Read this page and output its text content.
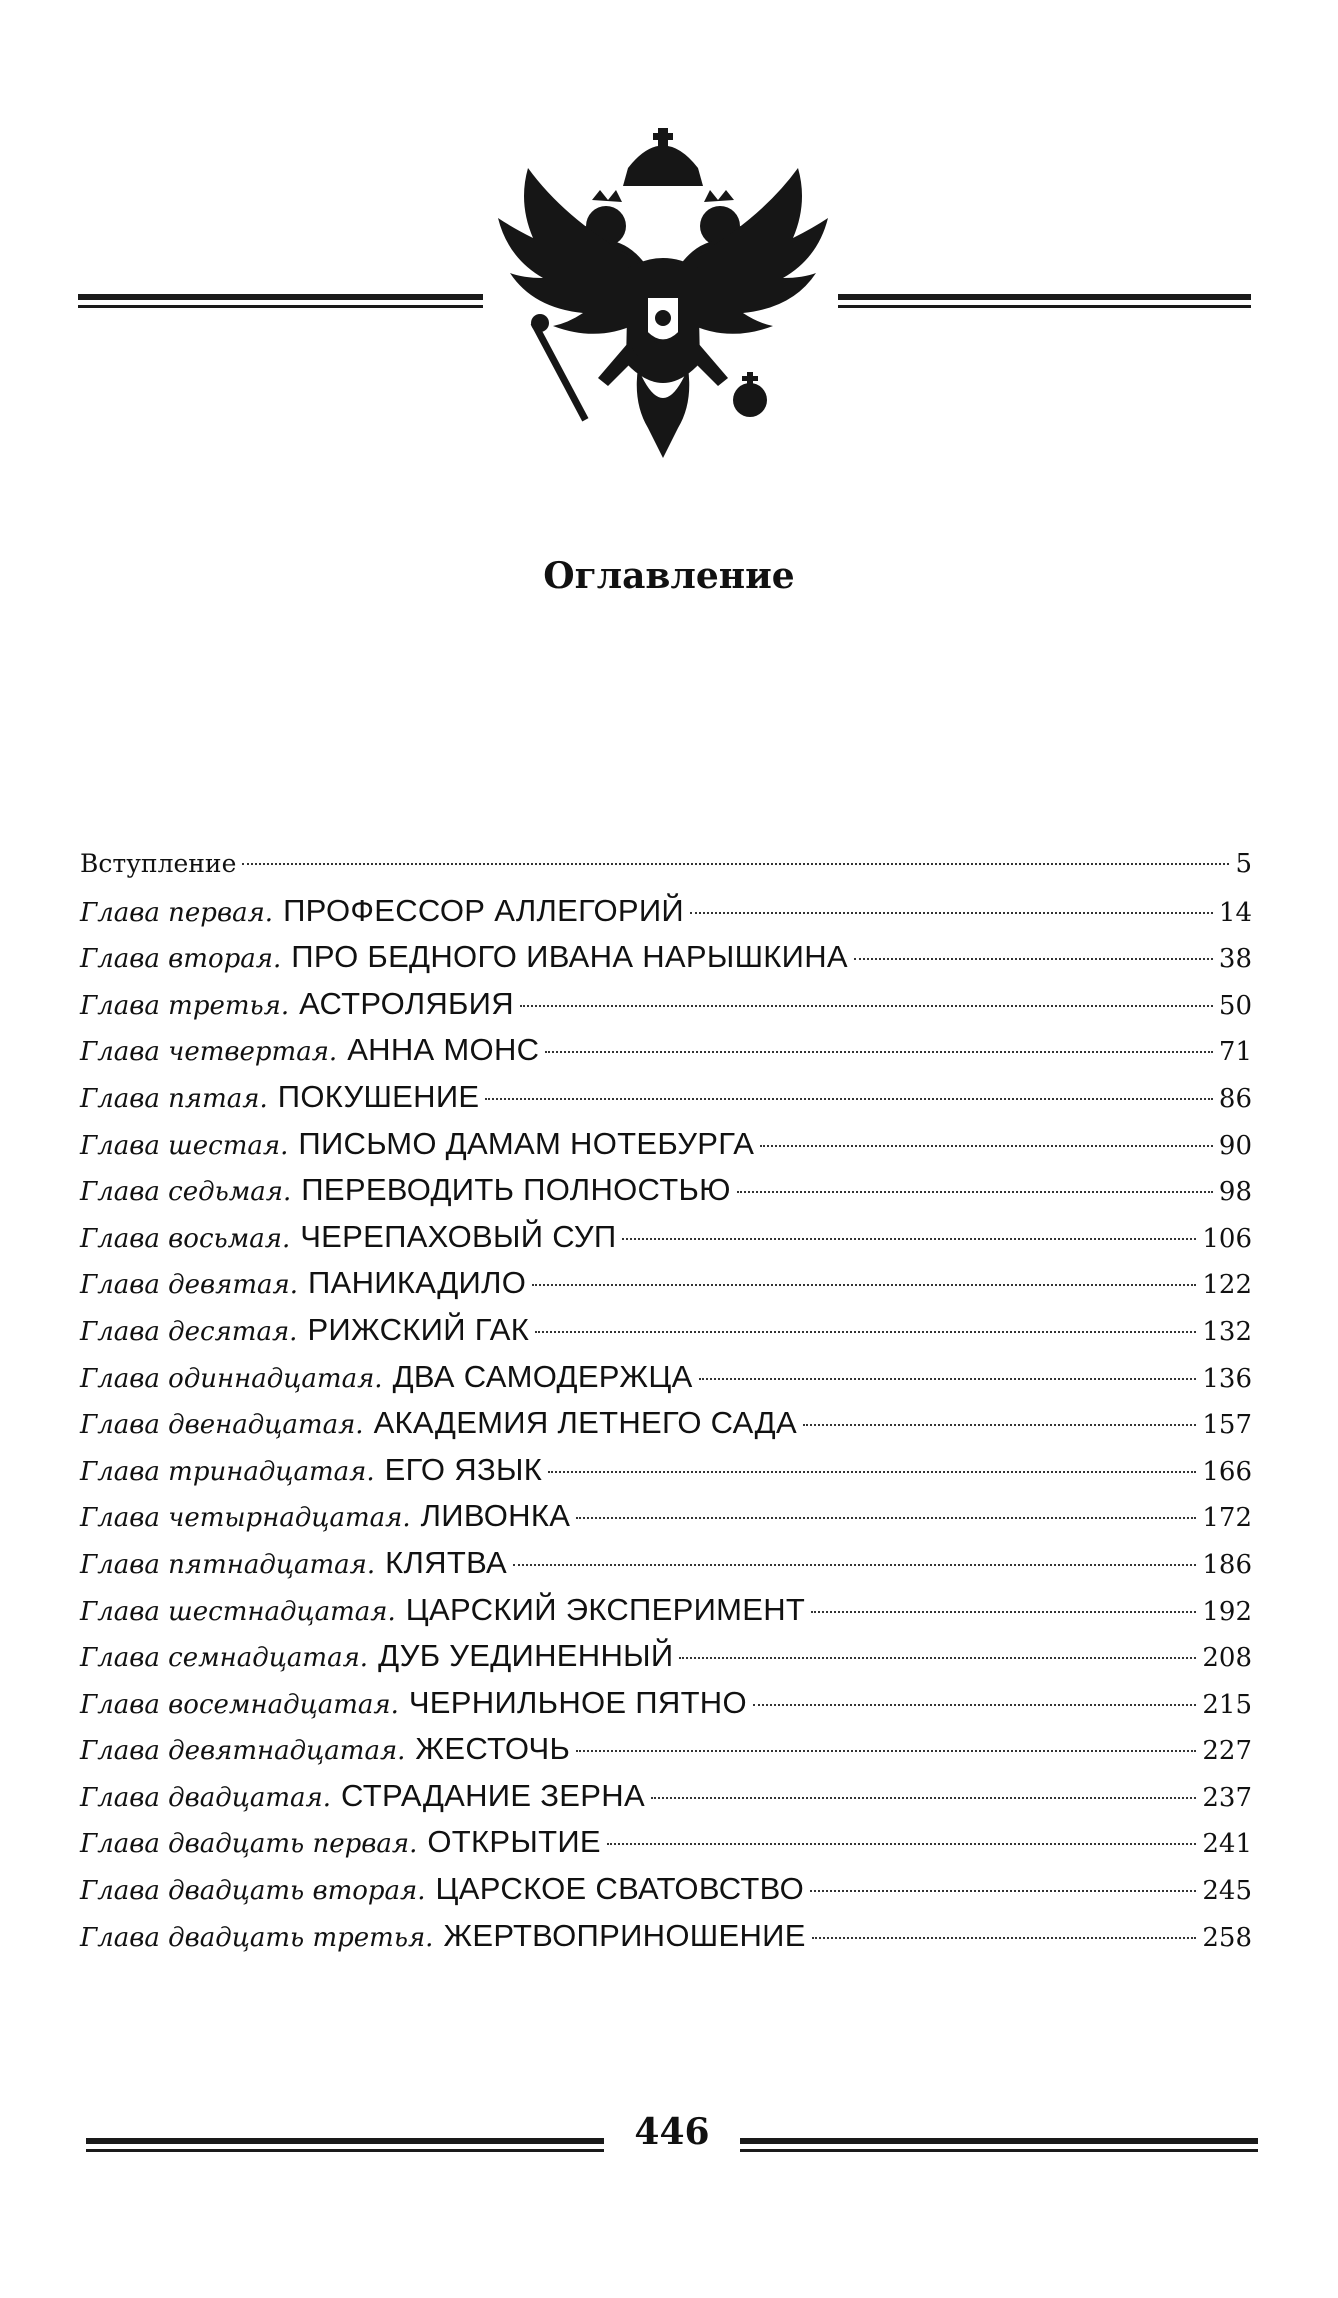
Оглавление
Вступление	5
Глава первая. ПРОФЕССОР АЛЛЕГОРИЙ	14
Глава вторая. ПРО БЕДНОГО ИВАНА НАРЫШКИНА	38
Глава третья. АСТРОЛЯБИЯ	50
Глава четвертая. АННА МОНС	71
Глава пятая. ПОКУШЕНИЕ	86
Глава шестая. ПИСЬМО ДАМАМ НОТЕБУРГА	90
Глава седьмая. ПЕРЕВОДИТЬ ПОЛНОСТЬЮ	98
Глава восьмая. ЧЕРЕПАХОВЫЙ СУП	106
Глава девятая. ПАНИКАДИЛО	122
Глава десятая. РИЖСКИЙ ГАК	132
Глава одиннадцатая. ДВА САМОДЕРЖЦА	136
Глава двенадцатая. АКАДЕМИЯ ЛЕТНЕГО САДА	157
Глава тринадцатая. ЕГО ЯЗЫК	166
Глава четырнадцатая. ЛИВОНКА	172
Глава пятнадцатая. КЛЯТВА	186
Глава шестнадцатая. ЦАРСКИЙ ЭКСПЕРИМЕНТ	192
Глава семнадцатая. ДУБ УЕДИНЕННЫЙ	208
Глава восемнадцатая. ЧЕРНИЛЬНОЕ ПЯТНО	215
Глава девятнадцатая. ЖЕСТОЧЬ	227
Глава двадцатая. СТРАДАНИЕ ЗЕРНА	237
Глава двадцать первая. ОТКРЫТИЕ	241
Глава двадцать вторая. ЦАРСКОЕ СВАТОВСТВО	245
Глава двадцать третья. ЖЕРТВОПРИНОШЕНИЕ	258
446
